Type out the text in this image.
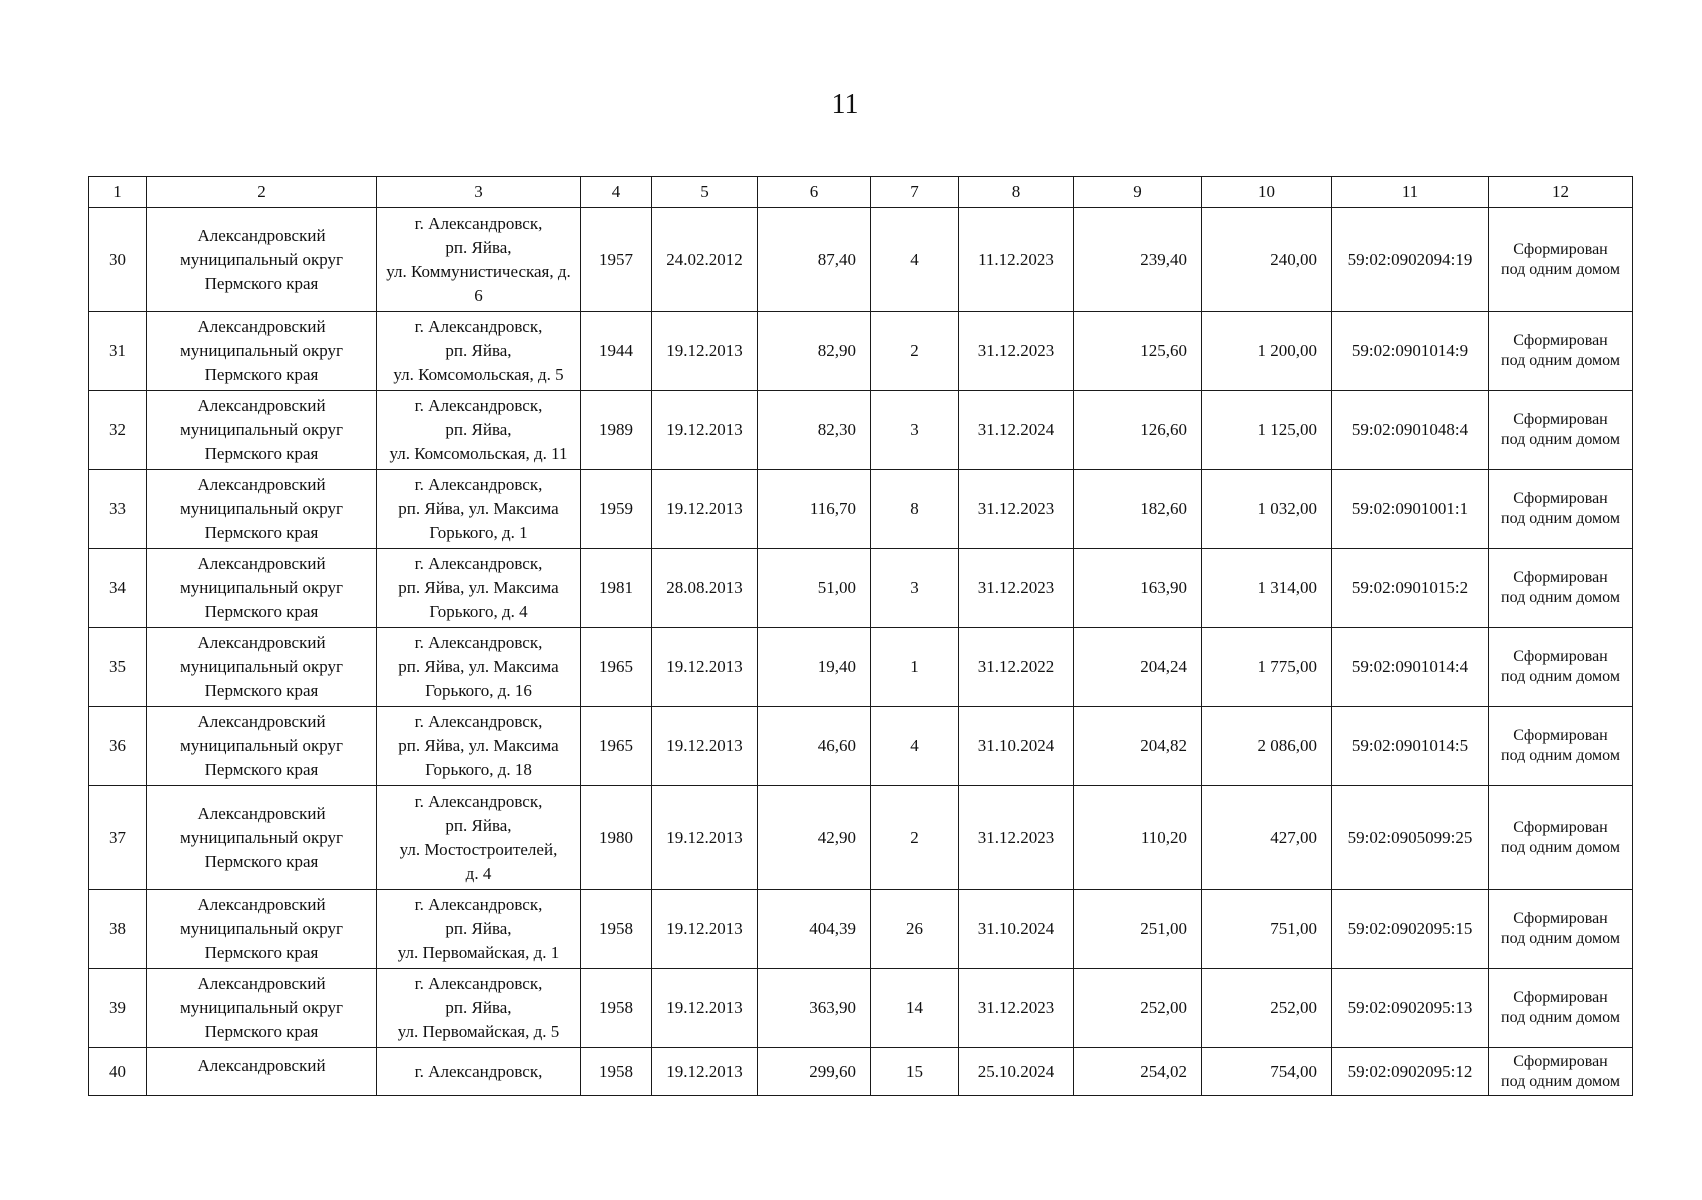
11
1	2	3	4	5	6	7	8	9	10	11	12
30	Александровский
муниципальный округ
Пермского края	г. Александровск,
рп. Яйва,
ул. Коммунистическая, д.
6	1957	24.02.2012	87,40	4	11.12.2023	239,40	240,00	59:02:0902094:19	Сформирован
под одним домом
31	Александровский
муниципальный округ
Пермского края	г. Александровск,
рп. Яйва,
ул. Комсомольская, д. 5	1944	19.12.2013	82,90	2	31.12.2023	125,60	1 200,00	59:02:0901014:9	Сформирован
под одним домом
32	Александровский
муниципальный округ
Пермского края	г. Александровск,
рп. Яйва,
ул. Комсомольская, д. 11	1989	19.12.2013	82,30	3	31.12.2024	126,60	1 125,00	59:02:0901048:4	Сформирован
под одним домом
33	Александровский
муниципальный округ
Пермского края	г. Александровск,
рп. Яйва, ул. Максима
Горького, д. 1	1959	19.12.2013	116,70	8	31.12.2023	182,60	1 032,00	59:02:0901001:1	Сформирован
под одним домом
34	Александровский
муниципальный округ
Пермского края	г. Александровск,
рп. Яйва, ул. Максима
Горького, д. 4	1981	28.08.2013	51,00	3	31.12.2023	163,90	1 314,00	59:02:0901015:2	Сформирован
под одним домом
35	Александровский
муниципальный округ
Пермского края	г. Александровск,
рп. Яйва, ул. Максима
Горького, д. 16	1965	19.12.2013	19,40	1	31.12.2022	204,24	1 775,00	59:02:0901014:4	Сформирован
под одним домом
36	Александровский
муниципальный округ
Пермского края	г. Александровск,
рп. Яйва, ул. Максима
Горького, д. 18	1965	19.12.2013	46,60	4	31.10.2024	204,82	2 086,00	59:02:0901014:5	Сформирован
под одним домом
37	Александровский
муниципальный округ
Пермского края	г. Александровск,
рп. Яйва,
ул. Мостостроителей,
д. 4	1980	19.12.2013	42,90	2	31.12.2023	110,20	427,00	59:02:0905099:25	Сформирован
под одним домом
38	Александровский
муниципальный округ
Пермского края	г. Александровск,
рп. Яйва,
ул. Первомайская, д. 1	1958	19.12.2013	404,39	26	31.10.2024	251,00	751,00	59:02:0902095:15	Сформирован
под одним домом
39	Александровский
муниципальный округ
Пермского края	г. Александровск,
рп. Яйва,
ул. Первомайская, д. 5	1958	19.12.2013	363,90	14	31.12.2023	252,00	252,00	59:02:0902095:13	Сформирован
под одним домом
40	Александровский	г. Александровск,	1958	19.12.2013	299,60	15	25.10.2024	254,02	754,00	59:02:0902095:12	Сформирован
под одним домом
